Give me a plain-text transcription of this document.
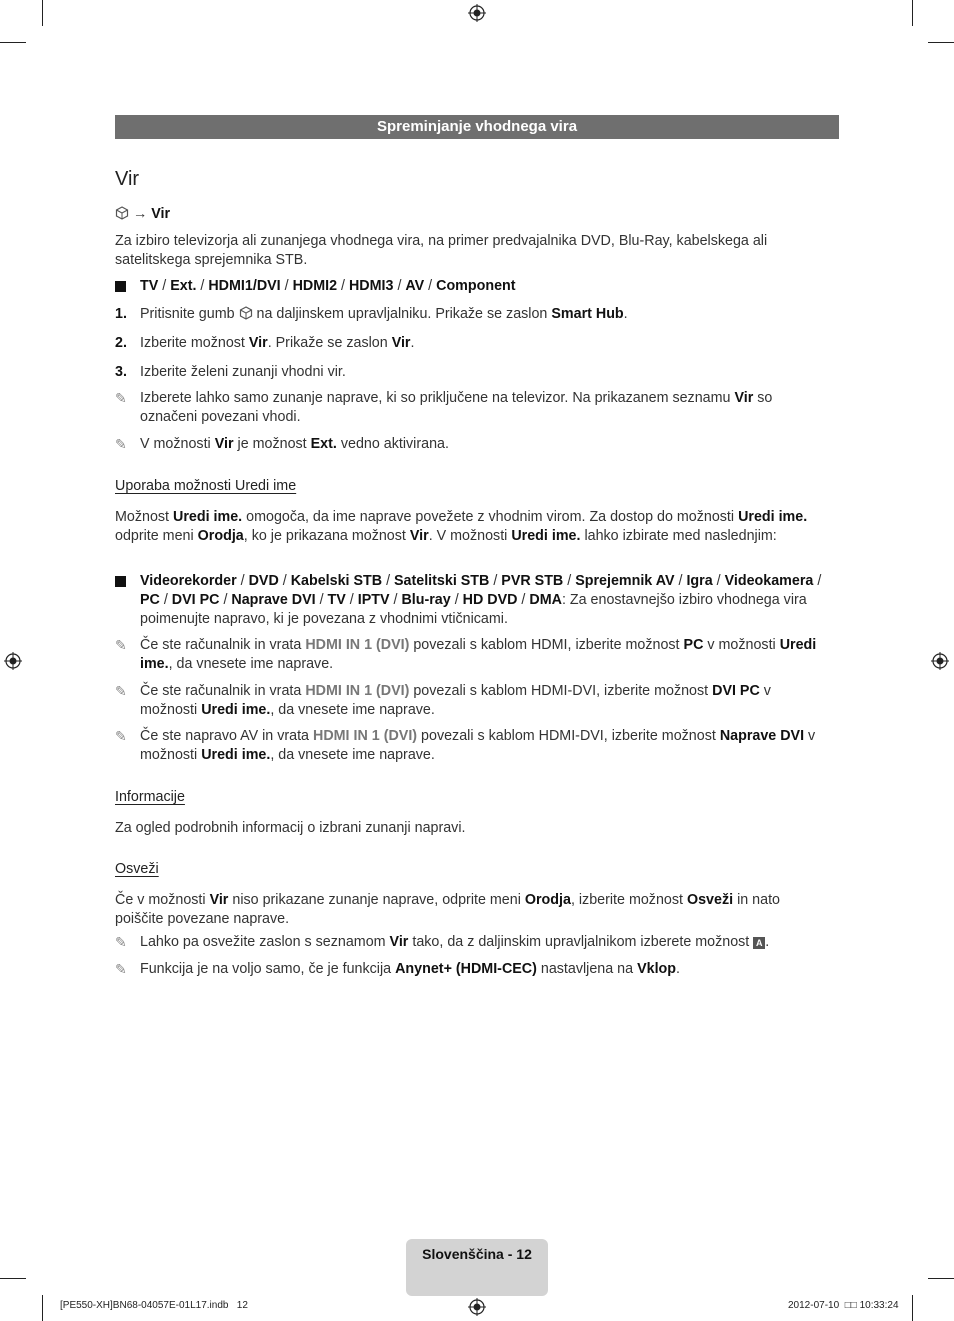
Spreminjanje vhodnega vira
Vir
→ Vir
Za izbiro televizorja ali zunanjega vhodnega vira, na primer predvajalnika DVD, Blu-Ray, kabelskega ali satelitskega sprejemnika STB.
TV / Ext. / HDMI1/DVI / HDMI2 / HDMI3 / AV / Component
1. Pritisnite gumb na daljinskem upravljalniku. Prikaže se zaslon Smart Hub.
2. Izberite možnost Vir. Prikaže se zaslon Vir.
3. Izberite želeni zunanji vhodni vir.
✎ Izberete lahko samo zunanje naprave, ki so priključene na televizor. Na prikazanem seznamu Vir so označeni povezani vhodi.
✎ V možnosti Vir je možnost Ext. vedno aktivirana.
Uporaba možnosti Uredi ime
Možnost Uredi ime. omogoča, da ime naprave povežete z vhodnim virom. Za dostop do možnosti Uredi ime. odprite meni Orodja, ko je prikazana možnost Vir. V možnosti Uredi ime. lahko izbirate med naslednjim:
Videorekorder / DVD / Kabelski STB / Satelitski STB / PVR STB / Sprejemnik AV / Igra / Videokamera / PC / DVI PC / Naprave DVI / TV / IPTV / Blu-ray / HD DVD / DMA: Za enostavnejšo izbiro vhodnega vira poimenujte napravo, ki je povezana z vhodnimi vtičnicami.
✎ Če ste računalnik in vrata HDMI IN 1 (DVI) povezali s kablom HDMI, izberite možnost PC v možnosti Uredi ime., da vnesete ime naprave.
✎ Če ste računalnik in vrata HDMI IN 1 (DVI) povezali s kablom HDMI-DVI, izberite možnost DVI PC v možnosti Uredi ime., da vnesete ime naprave.
✎ Če ste napravo AV in vrata HDMI IN 1 (DVI) povezali s kablom HDMI-DVI, izberite možnost Naprave DVI v možnosti Uredi ime., da vnesete ime naprave.
Informacije
Za ogled podrobnih informacij o izbrani zunanji napravi.
Osveži
Če v možnosti Vir niso prikazane zunanje naprave, odprite meni Orodja, izberite možnost Osveži in nato poiščite povezane naprave.
✎ Lahko pa osvežite zaslon s seznamom Vir tako, da z daljinskim upravljalnikom izberete možnost A .
✎ Funkcija je na voljo samo, če je funkcija Anynet+ (HDMI-CEC) nastavljena na Vklop.
Slovenščina - 12
[PE550-XH]BN68-04057E-01L17.indb 12	2012-07-10 □□ 10:33:24
